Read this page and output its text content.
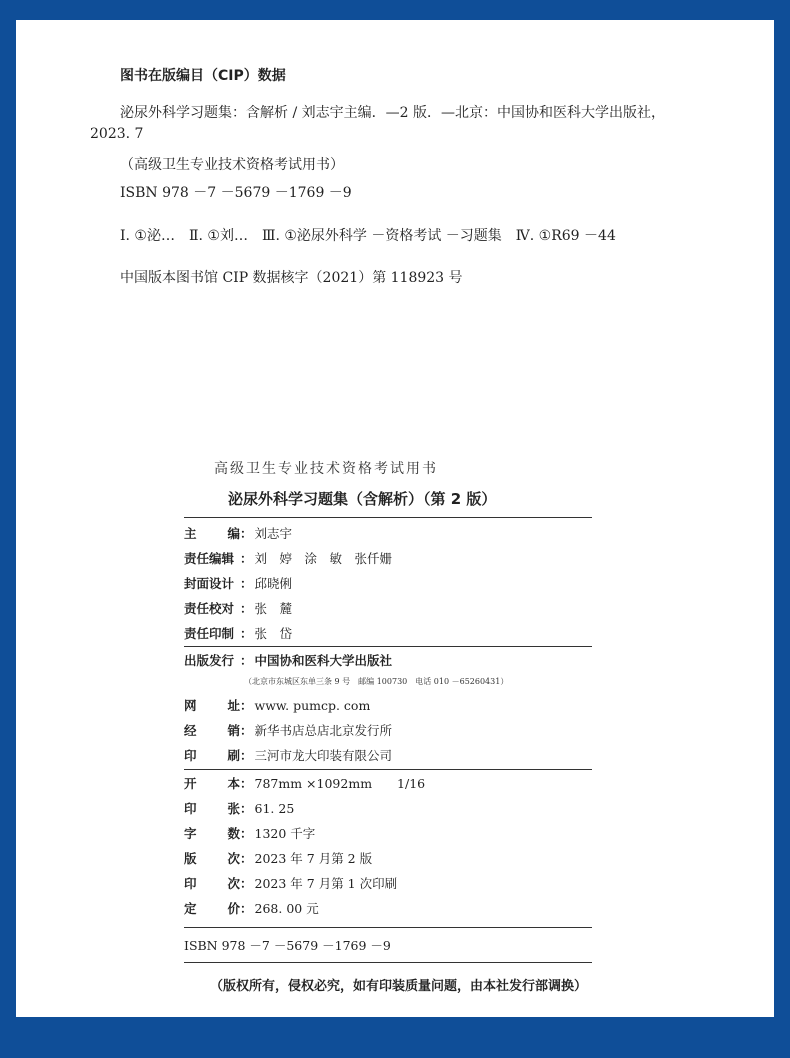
图书在版编目（CIP）数据
泌尿外科学习题集：含解析 / 刘志宇主编．—2 版．—北京：中国协和医科大学出版社，
2023. 7
（高级卫生专业技术资格考试用书）
ISBN 978 －7 －5679 －1769 －9
Ⅰ. ①泌…　Ⅱ. ①刘…　Ⅲ. ①泌尿外科学 －资格考试 －习题集　Ⅳ. ①R69 －44
中国版本图书馆 CIP 数据核字（2021）第 118923 号
高级卫生专业技术资格考试用书
泌尿外科学习题集（含解析）（第 2 版）
主 编 ： 刘志宇
责任编辑 ： 刘　婷　涂　敏　张仟姗
封面设计 ： 邱晓俐
责任校对 ： 张　麓
责任印制 ： 张　岱
出版发行 ： 中国协和医科大学出版社
（北京市东城区东单三条 9 号　邮编 100730　电话 010 －65260431）
网 址 ： www. pumcp. com
经 销 ： 新华书店总店北京发行所
印 刷 ： 三河市龙大印装有限公司
开 本 ： 787mm ×1092mm　　1/16
印 张 ： 61. 25
字 数 ： 1320 千字
版 次 ： 2023 年 7 月第 2 版
印 次 ： 2023 年 7 月第 1 次印刷
定 价 ： 268. 00 元
ISBN 978 －7 －5679 －1769 －9
（版权所有，侵权必究，如有印装质量问题，由本社发行部调换）
